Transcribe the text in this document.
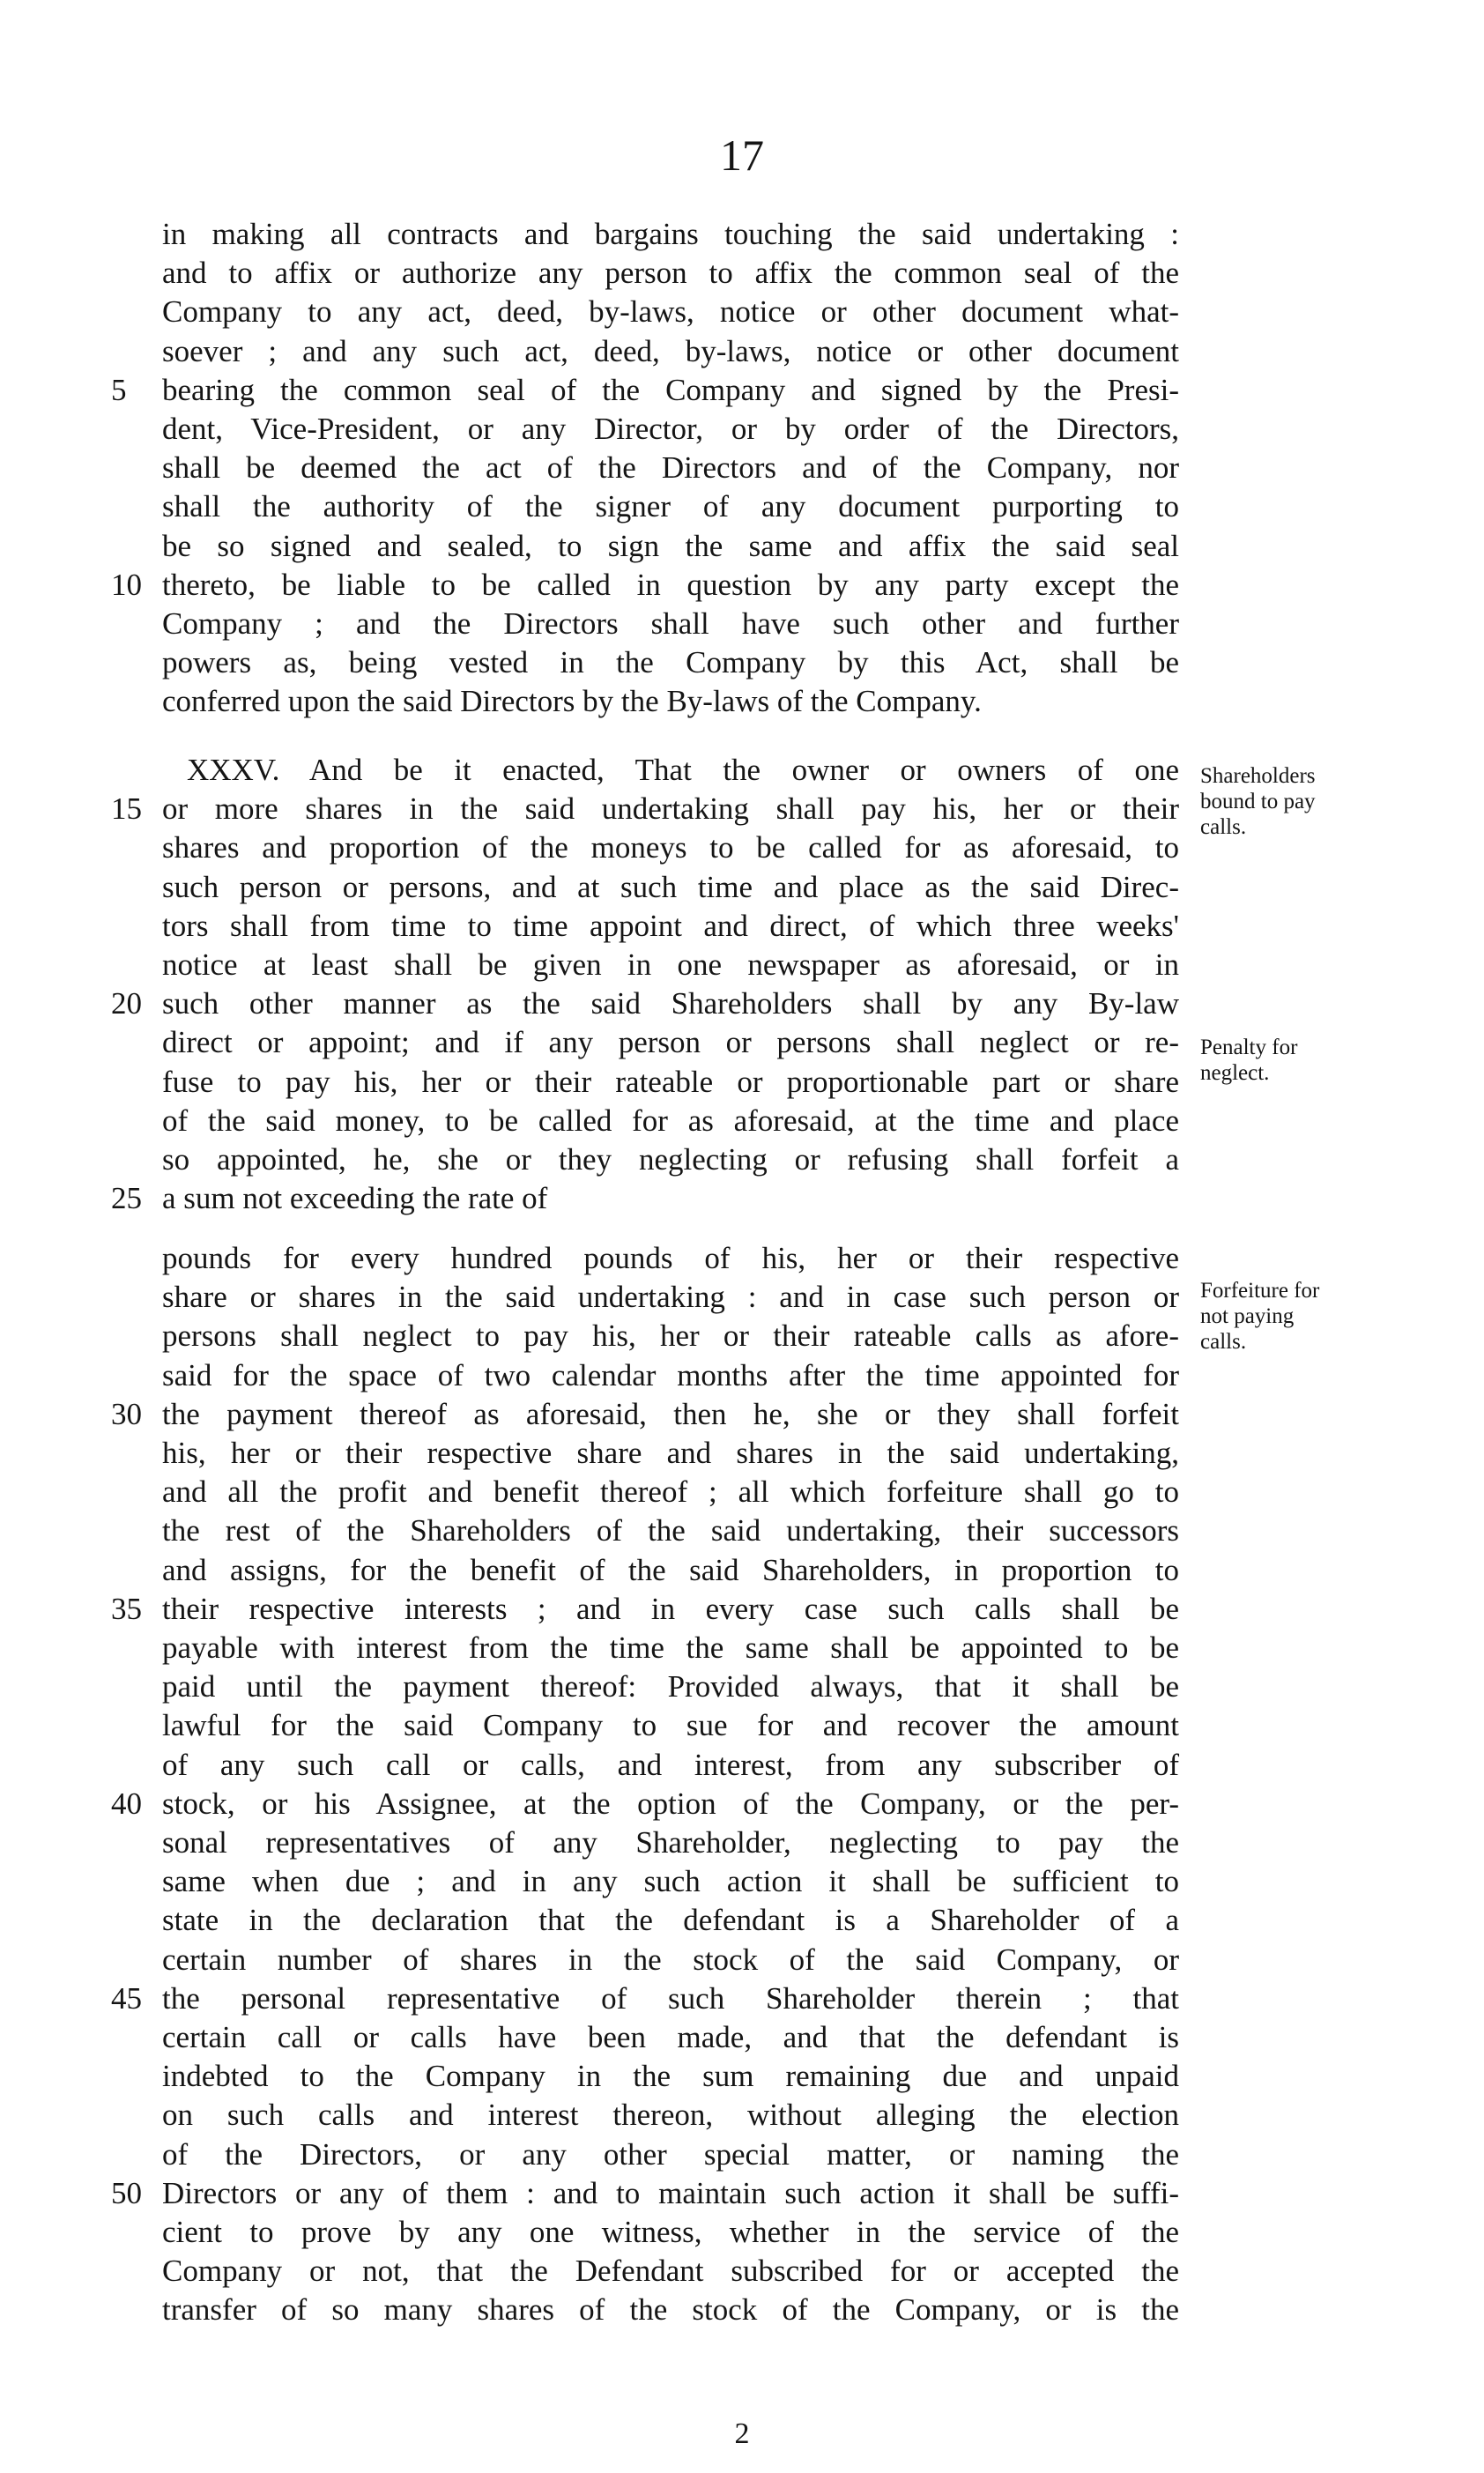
17
in making all contracts and bargains touching the said undertaking :
and to affix or authorize any person to affix the common seal of the
Company to any act, deed, by-laws, notice or other document what-
soever ; and any such act, deed, by-laws, notice or other document
bearing the common seal of the Company and signed by the Presi-
5
dent, Vice-President, or any Director, or by order of the Directors,
shall be deemed the act of the Directors and of the Company, nor
shall the authority of the signer of any document purporting to
be so signed and sealed, to sign the same and affix the said seal
thereto, be liable to be called in question by any party except the
10
Company ; and the Directors shall have such other and further
powers as, being vested in the Company by this Act, shall be
conferred upon the said Directors by the By-laws of the Company.
XXXV. And be it enacted, That the owner or owners of one
or more shares in the said undertaking shall pay his, her or their
15
shares and proportion of the moneys to be called for as aforesaid, to
such person or persons, and at such time and place as the said Direc-
tors shall from time to time appoint and direct, of which three weeks'
notice at least shall be given in one newspaper as aforesaid, or in
such other manner as the said Shareholders shall by any By-law
20
direct or appoint; and if any person or persons shall neglect or re-
fuse to pay his, her or their rateable or proportionable part or share
of the said money, to be called for as aforesaid, at the time and place
so appointed, he, she or they neglecting or refusing shall forfeit a
a sum not exceeding the rate of
25
pounds for every hundred pounds of his, her or their respective
share or shares in the said undertaking : and in case such person or
persons shall neglect to pay his, her or their rateable calls as afore-
said for the space of two calendar months after the time appointed for
the payment thereof as aforesaid, then he, she or they shall forfeit
30
his, her or their respective share and shares in the said undertaking,
and all the profit and benefit thereof ; all which forfeiture shall go to
the rest of the Shareholders of the said undertaking, their successors
and assigns, for the benefit of the said Shareholders, in proportion to
their respective interests ; and in every case such calls shall be
35
payable with interest from the time the same shall be appointed to be
paid until the payment thereof: Provided always, that it shall be
lawful for the said Company to sue for and recover the amount
of any such call or calls, and interest, from any subscriber of
stock, or his Assignee, at the option of the Company, or the per-
40
sonal representatives of any Shareholder, neglecting to pay the
same when due ; and in any such action it shall be sufficient to
state in the declaration that the defendant is a Shareholder of a
certain number of shares in the stock of the said Company, or
the personal representative of such Shareholder therein ; that
45
certain call or calls have been made, and that the defendant is
indebted to the Company in the sum remaining due and unpaid
on such calls and interest thereon, without alleging the election
of the Directors, or any other special matter, or naming the
Directors or any of them : and to maintain such action it shall be suffi-
50
cient to prove by any one witness, whether in the service of the
Company or not, that the Defendant subscribed for or accepted the
transfer of so many shares of the stock of the Company, or is the
Shareholders
bound to pay
calls.
Penalty for
neglect.
Forfeiture for
not paying
calls.
2
